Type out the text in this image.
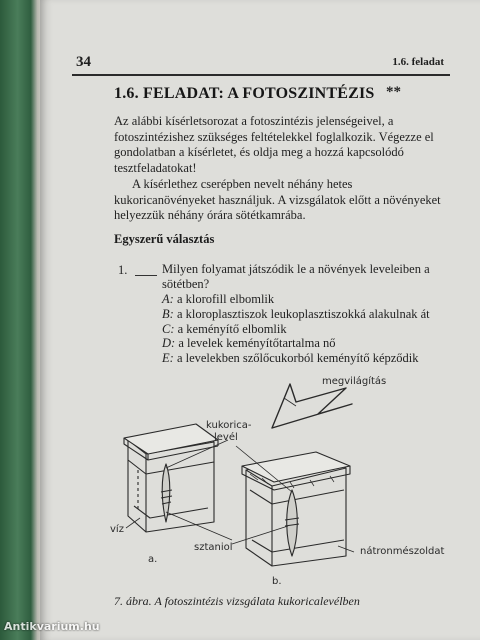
34	1.6. feladat
1.6. FELADAT: A FOTOSZINTÉZIS **
Az alábbi kísérletsorozat a fotoszintézis jelenségeivel, a fotoszintézishez szükséges feltételekkel foglalkozik. Végezze el gondolatban a kísérletet, és oldja meg a hozzá kapcsolódó tesztfeladatokat!
A kísérlethez cserépben nevelt néhány hetes kukoricanövényeket használjuk. A vizsgálatok előtt a növényeket helyezzük néhány órára sötétkamrába.
Egyszerű választás
1.	Milyen folyamat játszódik le a növények leveleiben a sötétben?
A: a klorofill elbomlik
B: a kloroplasztiszok leukoplasztiszokká alakulnak át
C: a keményítő elbomlik
D: a levelek keményítőtartalma nő
E: a levelekben szőlőcukorból keményítő képződik
megvilágítás
kukorica-
levél
víz
sztaniol	nátronmészoldat
a.
b.
7. ábra. A fotoszintézis vizsgálata kukoricalevélben
Antikvarium.hu
